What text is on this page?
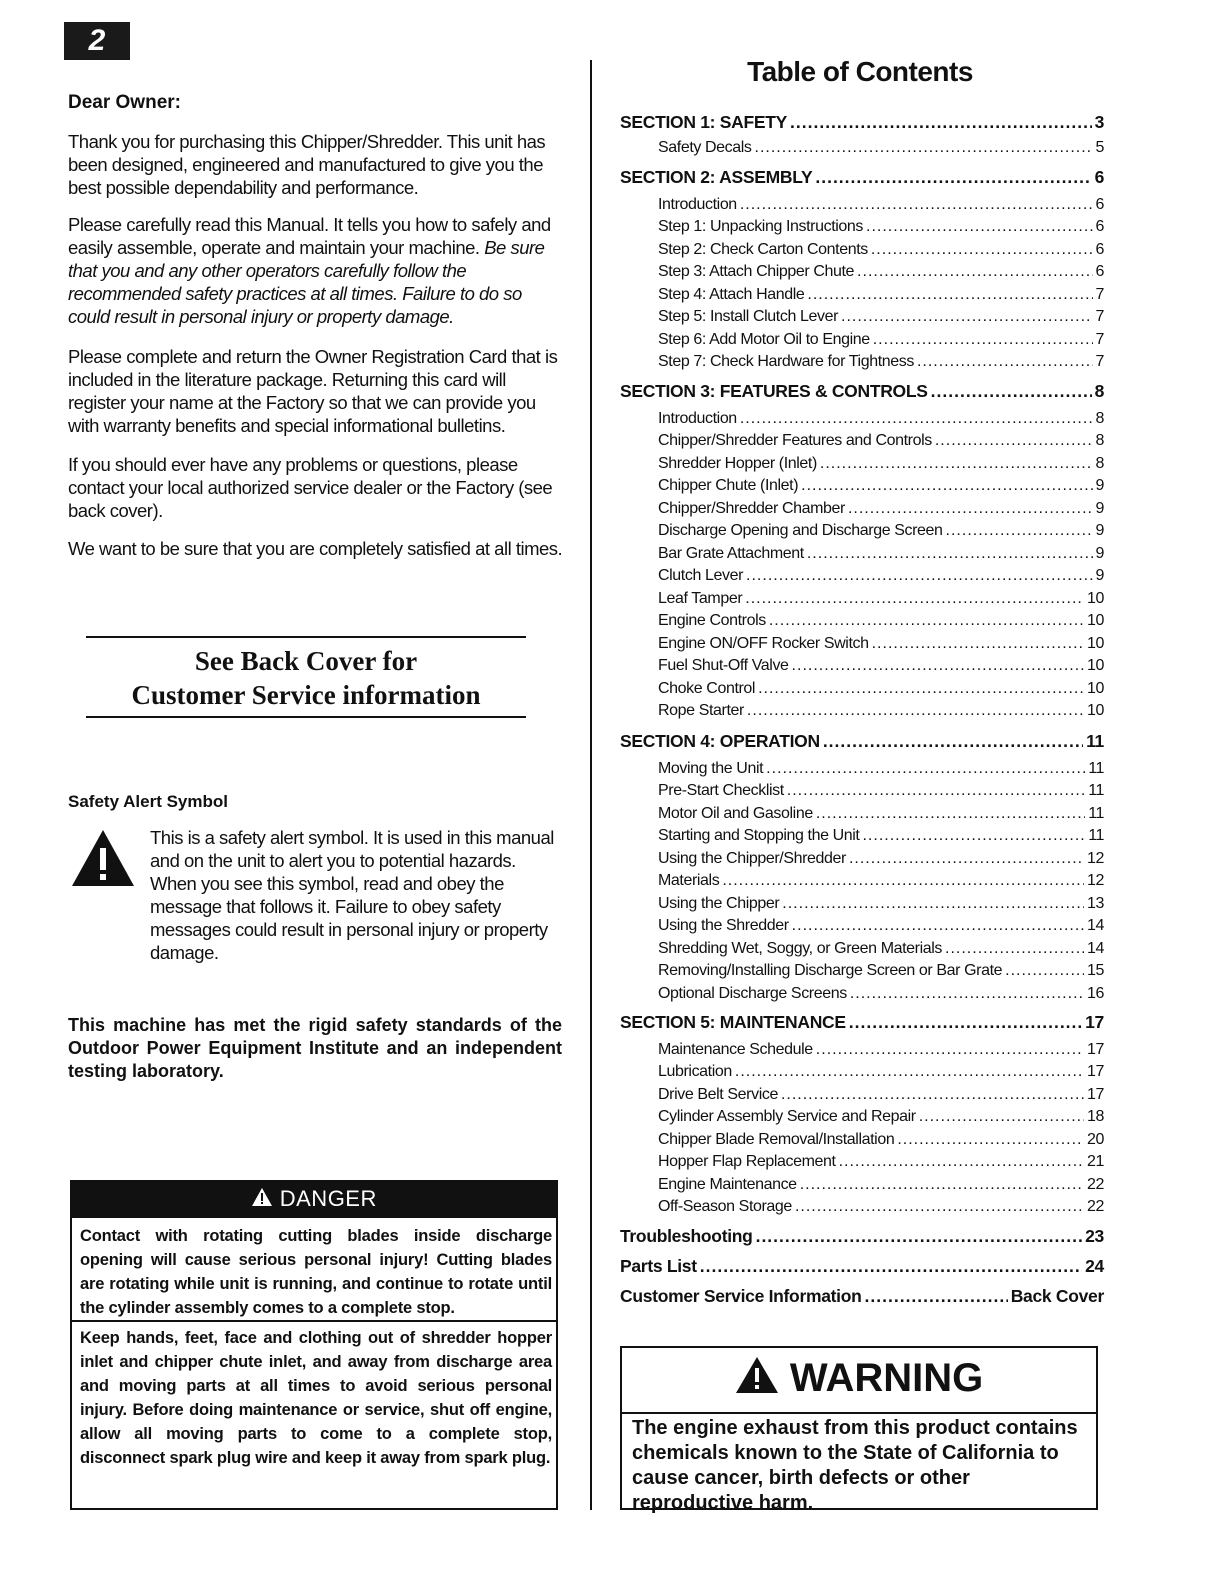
2
Dear Owner:

Thank you for purchasing this Chipper/Shredder. This unit has been designed, engineered and manufactured to give you the best possible dependability and performance.

Please carefully read this Manual. It tells you how to safely and easily assemble, operate and maintain your machine. Be sure that you and any other operators carefully follow the recommended safety practices at all times. Failure to do so could result in personal injury or property damage.

Please complete and return the Owner Registration Card that is included in the literature package. Returning this card will register your name at the Factory so that we can provide you with warranty benefits and special informational bulletins.

If you should ever have any problems or questions, please contact your local authorized service dealer or the Factory (see back cover).

We want to be sure that you are completely satisfied at all times.

See Back Cover for
Customer Service information
Safety Alert Symbol

This is a safety alert symbol. It is used in this manual and on the unit to alert you to potential hazards. When you see this symbol, read and obey the message that follows it. Failure to obey safety messages could result in personal injury or property damage.

This machine has met the rigid safety standards of the Outdoor Power Equipment Institute and an independent testing laboratory.

DANGER

Contact with rotating cutting blades inside discharge opening will cause serious personal injury! Cutting blades are rotating while unit is running, and continue to rotate until the cylinder assembly comes to a complete stop.

Keep hands, feet, face and clothing out of shredder hopper inlet and chipper chute inlet, and away from discharge area and moving parts at all times to avoid serious personal injury. Before doing maintenance or service, shut off engine, allow all moving parts to come to a complete stop, disconnect spark plug wire and keep it away from spark plug.

Table of Contents
SECTION 1: SAFETY .....	3
Safety Decals .....	5
SECTION 2: ASSEMBLY .....	6
Introduction .....	6
Step 1: Unpacking Instructions .....	6
Step 2: Check Carton Contents .....	6
Step 3: Attach Chipper Chute .....	6
Step 4: Attach Handle .....	7
Step 5: Install Clutch Lever .....	7
Step 6: Add Motor Oil to Engine .....	7
Step 7: Check Hardware for Tightness .....	7
SECTION 3: FEATURES & CONTROLS .....	8
Introduction .....	8
Chipper/Shredder Features and Controls .....	8
Shredder Hopper (Inlet) .....	8
Chipper Chute (Inlet) .....	9
Chipper/Shredder Chamber .....	9
Discharge Opening and Discharge Screen .....	9
Bar Grate Attachment .....	9
Clutch Lever .....	9
Leaf Tamper .....	10
Engine Controls .....	10
Engine ON/OFF Rocker Switch .....	10
Fuel Shut-Off Valve .....	10
Choke Control .....	10
Rope Starter .....	10
SECTION 4: OPERATION .....	11
Moving the Unit .....	11
Pre-Start Checklist .....	11
Motor Oil and Gasoline .....	11
Starting and Stopping the Unit .....	11
Using the Chipper/Shredder .....	12
Materials .....	12
Using the Chipper .....	13
Using the Shredder .....	14
Shredding Wet, Soggy, or Green Materials .....	14
Removing/Installing Discharge Screen or Bar Grate .....	15
Optional Discharge Screens .....	16
SECTION 5: MAINTENANCE .....	17
Maintenance Schedule .....	17
Lubrication .....	17
Drive Belt Service .....	17
Cylinder Assembly Service and Repair .....	18
Chipper Blade Removal/Installation .....	20
Hopper Flap Replacement .....	21
Engine Maintenance .....	22
Off-Season Storage .....	22
Troubleshooting .....	23
Parts List .....	24
Customer Service Information .....	Back Cover
WARNING

The engine exhaust from this product contains chemicals known to the State of California to cause cancer, birth defects or other reproductive harm.
